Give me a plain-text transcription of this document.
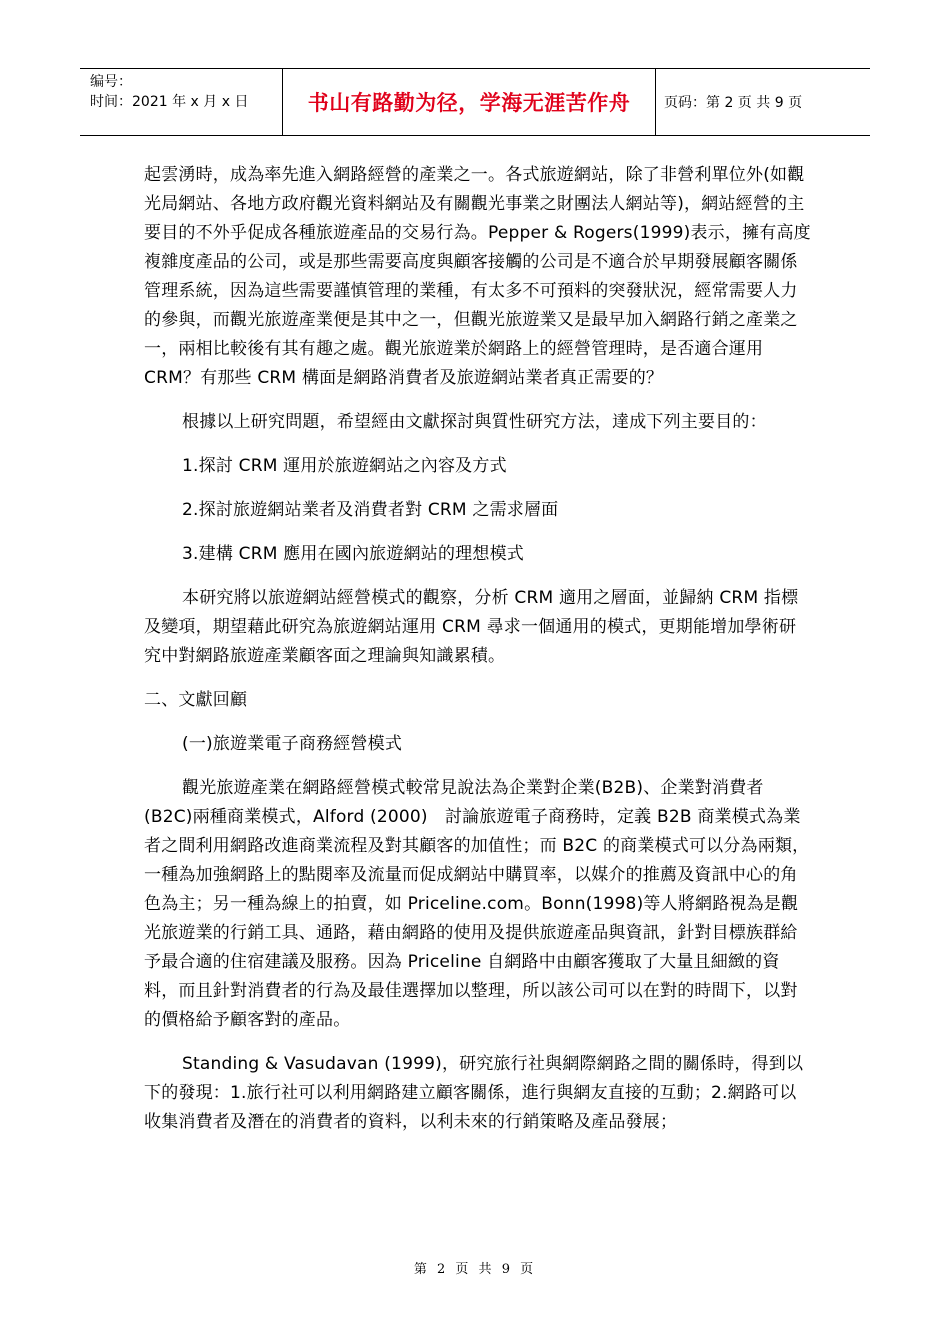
编号：
时间：2021 年 x 月 x 日	书山有路勤为径，学海无涯苦作舟	页码：第 2 页 共 9 页

起雲湧時，成為率先進入網路經營的產業之一。各式旅遊網站，除了非營利單位外(如觀光局網站、各地方政府觀光資料網站及有關觀光事業之財團法人網站等)，網站經營的主要目的不外乎促成各種旅遊產品的交易行為。Pepper & Rogers(1999)表示，擁有高度複雜度產品的公司，或是那些需要高度與顧客接觸的公司是不適合於早期發展顧客關係管理系統，因為這些需要謹慎管理的業種，有太多不可預料的突發狀況，經常需要人力的參與，而觀光旅遊產業便是其中之一，但觀光旅遊業又是最早加入網路行銷之產業之一，兩相比較後有其有趣之處。觀光旅遊業於網路上的經營管理時，是否適合運用 CRM？有那些 CRM 構面是網路消費者及旅遊網站業者真正需要的？

根據以上研究問題，希望經由文獻探討與質性研究方法，達成下列主要目的：

1.探討 CRM 運用於旅遊網站之內容及方式

2.探討旅遊網站業者及消費者對 CRM 之需求層面

3.建構 CRM 應用在國內旅遊網站的理想模式

本研究將以旅遊網站經營模式的觀察，分析 CRM 適用之層面，並歸納 CRM 指標及變項，期望藉此研究為旅遊網站運用 CRM 尋求一個通用的模式，更期能增加學術研究中對網路旅遊產業顧客面之理論與知識累積。

二、文獻回顧

(一)旅遊業電子商務經營模式

觀光旅遊產業在網路經營模式較常見說法為企業對企業(B2B)、企業對消費者(B2C)兩種商業模式，Alford (2000)　討論旅遊電子商務時，定義 B2B 商業模式為業者之間利用網路改進商業流程及對其顧客的加值性；而 B2C 的商業模式可以分為兩類，一種為加強網路上的點閱率及流量而促成網站中購買率，以媒介的推薦及資訊中心的角色為主；另一種為線上的拍賣，如 Priceline.com。Bonn(1998)等人將網路視為是觀光旅遊業的行銷工具、通路，藉由網路的使用及提供旅遊產品與資訊，針對目標族群給予最合適的住宿建議及服務。因為 Priceline 自網路中由顧客獲取了大量且細緻的資料，而且針對消費者的行為及最佳選擇加以整理，所以該公司可以在對的時間下，以對的價格給予顧客對的產品。

Standing & Vasudavan (1999)，研究旅行社與網際網路之間的關係時，得到以下的發現：1.旅行社可以利用網路建立顧客關係，進行與網友直接的互動；2.網路可以收集消費者及潛在的消費者的資料，以利未來的行銷策略及產品發展；

第 2 页 共 9 页
